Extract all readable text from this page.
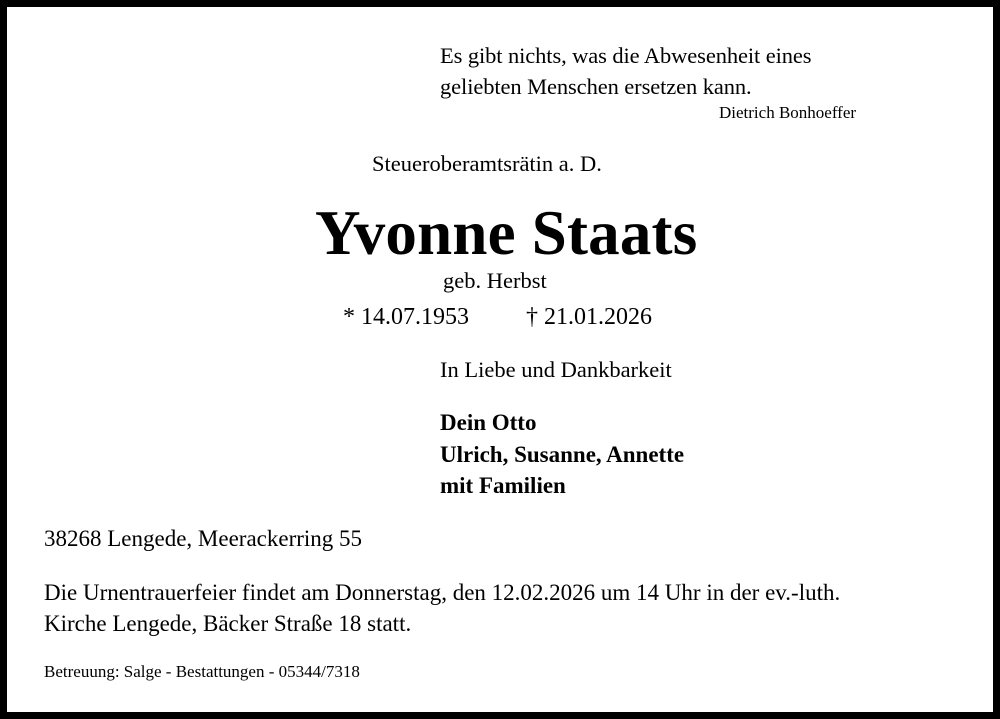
Es gibt nichts, was die Abwesenheit eines
geliebten Menschen ersetzen kann.
Dietrich Bonhoeffer
Steueroberamtsrätin a. D.
Yvonne Staats
geb. Herbst
* 14.07.1953 † 21.01.2026
In Liebe und Dankbarkeit
Dein Otto
Ulrich, Susanne, Annette
mit Familien
38268 Lengede, Meerackerring 55
Die Urnentrauerfeier findet am Donnerstag, den 12.02.2026 um 14 Uhr in der ev.-luth.
Kirche Lengede, Bäcker Straße 18 statt.
Betreuung: Salge - Bestattungen - 05344/7318
